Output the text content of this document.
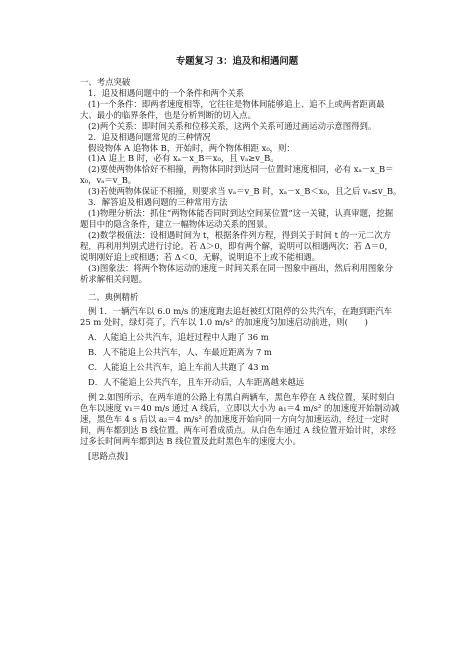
专题复习 3：追及和相遇问题

一、考点突破

1．追及相遇问题中的一个条件和两个关系

(1)一个条件：即两者速度相等，它往往是物体间能够追上、追不上或两者距离最大、最小的临界条件，也是分析判断的切入点。

(2)两个关系：即时间关系和位移关系，这两个关系可通过画运动示意图得到。

2．追及相遇问题常见的三种情况

假设物体 A 追物体 B，开始时，两个物体相距 x₀，则：

(1)A 追上 B 时，必有 xₐ－x_B＝x₀，且 vₐ≥v_B。

(2)要使两物体恰好不相撞，两物体同时到达同一位置时速度相同，必有 xₐ－x_B＝x₀，vₐ＝v_B。

(3)若使两物体保证不相撞，则要求当 vₐ＝v_B 时，xₐ－x_B＜x₀，且之后 vₐ≤v_B。

3．解答追及相遇问题的三种常用方法

(1)物理分析法：抓住“两物体能否同时到达空间某位置”这一关键，认真审题，挖掘题目中的隐含条件，建立一幅物体运动关系的图景。

(2)数学极值法：设相遇时间为 t，根据条件列方程，得到关于时间 t 的一元二次方程，再利用判别式进行讨论。若 Δ＞0，即有两个解，说明可以相遇两次；若 Δ＝0，说明刚好追上或相遇；若 Δ＜0，无解，说明追不上或不能相遇。

(3)图象法：将两个物体运动的速度－时间关系在同一图象中画出，然后利用图象分析求解相关问题。

二、典例精析

例 1．一辆汽车以 6.0 m/s 的速度跑去追赶被红灯阻停的公共汽车，在跑到距汽车 25 m 处时，绿灯亮了，汽车以 1.0 m/s² 的加速度匀加速启动前进，则(　　)

A．人能追上公共汽车，追赶过程中人跑了 36 m

B．人不能追上公共汽车，人、车最近距离为 7 m

C．人能追上公共汽车，追上车前人共跑了 43 m

D．人不能追上公共汽车，且车开动后，人车距离越来越远

例 2.如图所示，在两车道的公路上有黑白两辆车，黑色车停在 A 线位置，某时刻白色车以速度 v₁＝40 m/s 通过 A 线后，立即以大小为 a₁＝4 m/s² 的加速度开始制动减速，黑色车 4 s 后以 a₂＝4 m/s² 的加速度开始向同一方向匀加速运动，经过一定时间，两车都到达 B 线位置。两车可看成质点。从白色车通过 A 线位置开始计时，求经过多长时间两车都到达 B 线位置及此时黑色车的速度大小。

[思路点拨]
